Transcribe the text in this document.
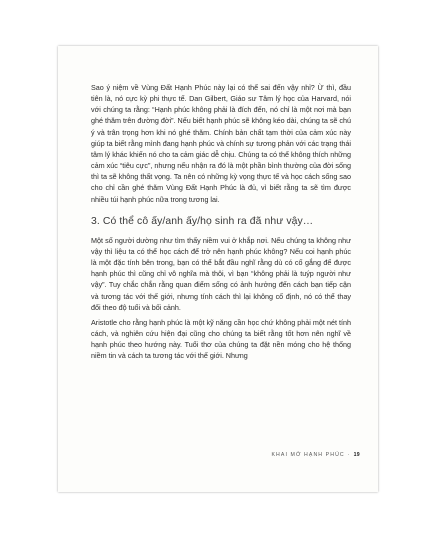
Sao ý niệm về Vùng Đất Hạnh Phúc này lại có thể sai đến vậy nhỉ? Ừ thì, đầu tiên là, nó cực kỳ phi thực tế. Dan Gilbert, Giáo sư Tâm lý học của Harvard, nói với chúng ta rằng: “Hạnh phúc không phải là đích đến, nó chỉ là một nơi mà bạn ghé thăm trên đường đời”. Nếu biết hạnh phúc sẽ không kéo dài, chúng ta sẽ chú ý và trân trọng hơn khi nó ghé thăm. Chính bản chất tạm thời của cảm xúc này giúp ta biết rằng mình đang hạnh phúc và chính sự tương phản với các trạng thái tâm lý khác khiến nó cho ta cảm giác dễ chịu. Chúng ta có thể không thích những cảm xúc “tiêu cực”, nhưng nếu nhận ra đó là một phần bình thường của đời sống thì ta sẽ không thất vọng. Ta nên có những kỳ vọng thực tế và học cách sống sao cho chỉ cần ghé thăm Vùng Đất Hạnh Phúc là đủ, vì biết rằng ta sẽ tìm được nhiều túi hạnh phúc nữa trong tương lai.

3. Có thể cô ấy/anh ấy/họ sinh ra đã như vậy…

Một số người dường như tìm thấy niềm vui ở khắp nơi. Nếu chúng ta không như vậy thì liệu ta có thể học cách để trở nên hạnh phúc không? Nếu coi hạnh phúc là một đặc tính bên trong, bạn có thể bắt đầu nghĩ rằng dù có cố gắng để được hạnh phúc thì cũng chỉ vô nghĩa mà thôi, vì bạn “không phải là tuýp người như vậy”. Tuy chắc chắn rằng quan điểm sống có ảnh hưởng đến cách bạn tiếp cận và tương tác với thế giới, nhưng tính cách thì lại không cố định, nó có thể thay đổi theo độ tuổi và bối cảnh.

Aristotle cho rằng hạnh phúc là một kỹ năng cần học chứ không phải một nét tính cách, và nghiên cứu hiện đại cũng cho chúng ta biết rằng tốt hơn nên nghĩ về hạnh phúc theo hướng này. Tuổi thơ của chúng ta đặt nền móng cho hệ thống niềm tin và cách ta tương tác với thế giới. Nhưng

KHAI MỞ HẠNH PHÚC · 19
